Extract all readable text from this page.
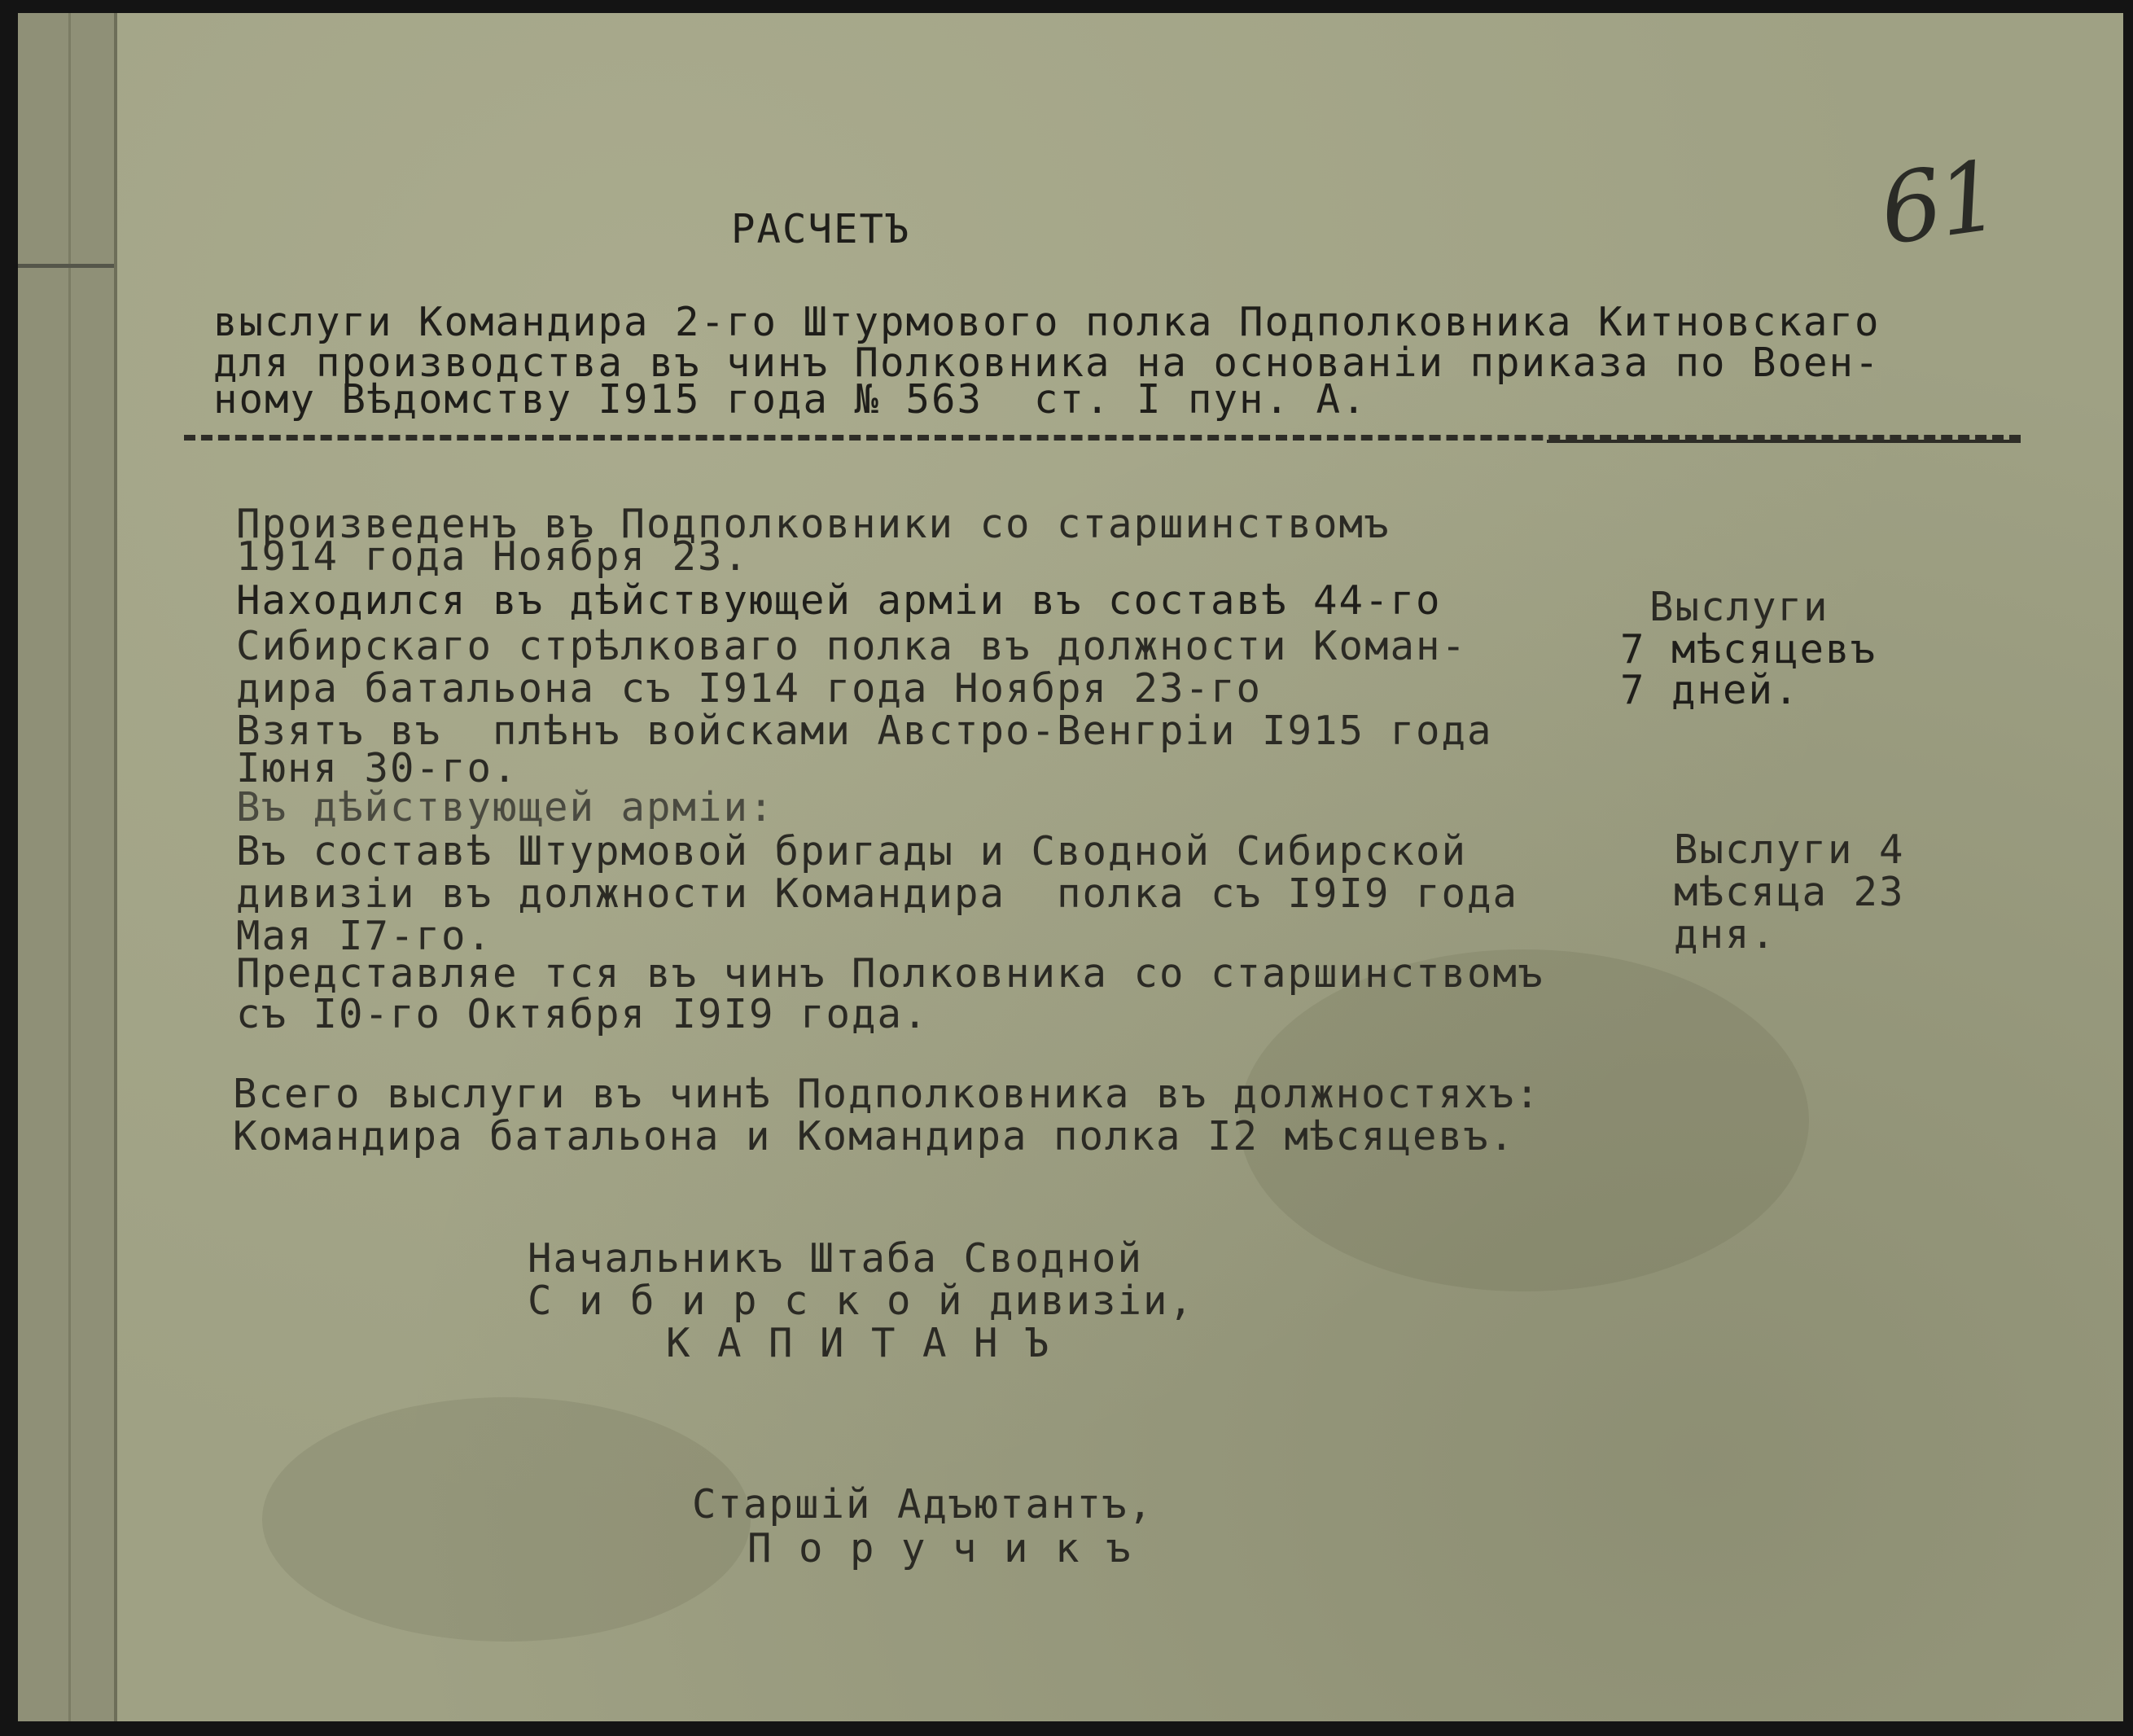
61
РАСЧЕТЪ
выслуги Командира 2-го Штурмового полка Подполковника Китновскаго
для производства въ чинъ Полковника на основанiи приказа по Воен-
ному Вѣдомству I915 года № 563  ст. I пун. А.
Произведенъ въ Подполковники со старшинствомъ
1914 года Ноября 23.
Находился въ дѣйствующей армiи въ составѣ 44-го
Сибирскаго стрѣлковаго полка въ должности Коман-
дира батальона съ I914 года Ноября 23-го
Взятъ въ  плѣнъ войсками Австро-Венгрiи I915 года
Iюня 30-го.
Въ дѣйствующей армiи:
Въ составѣ Штурмовой бригады и Сводной Сибирской
дивизiи въ должности Командира  полка съ I9I9 года
Мая I7-го.
Представляе тся въ чинъ Полковника со старшинствомъ
съ I0-го Октября I9I9 года.
Выслуги
7 мѣсяцевъ
7 дней.
Выслуги 4
мѣсяца 23
дня.
Всего выслуги въ чинѣ Подполковника въ должностяхъ:
Командира батальона и Командира полка I2 мѣсяцевъ.
Начальникъ Штаба Сводной
С и б и р с к о й дивизiи,
К А П И Т А Н Ъ
Старшiй Адъютантъ,
П о р у ч и к ъ
